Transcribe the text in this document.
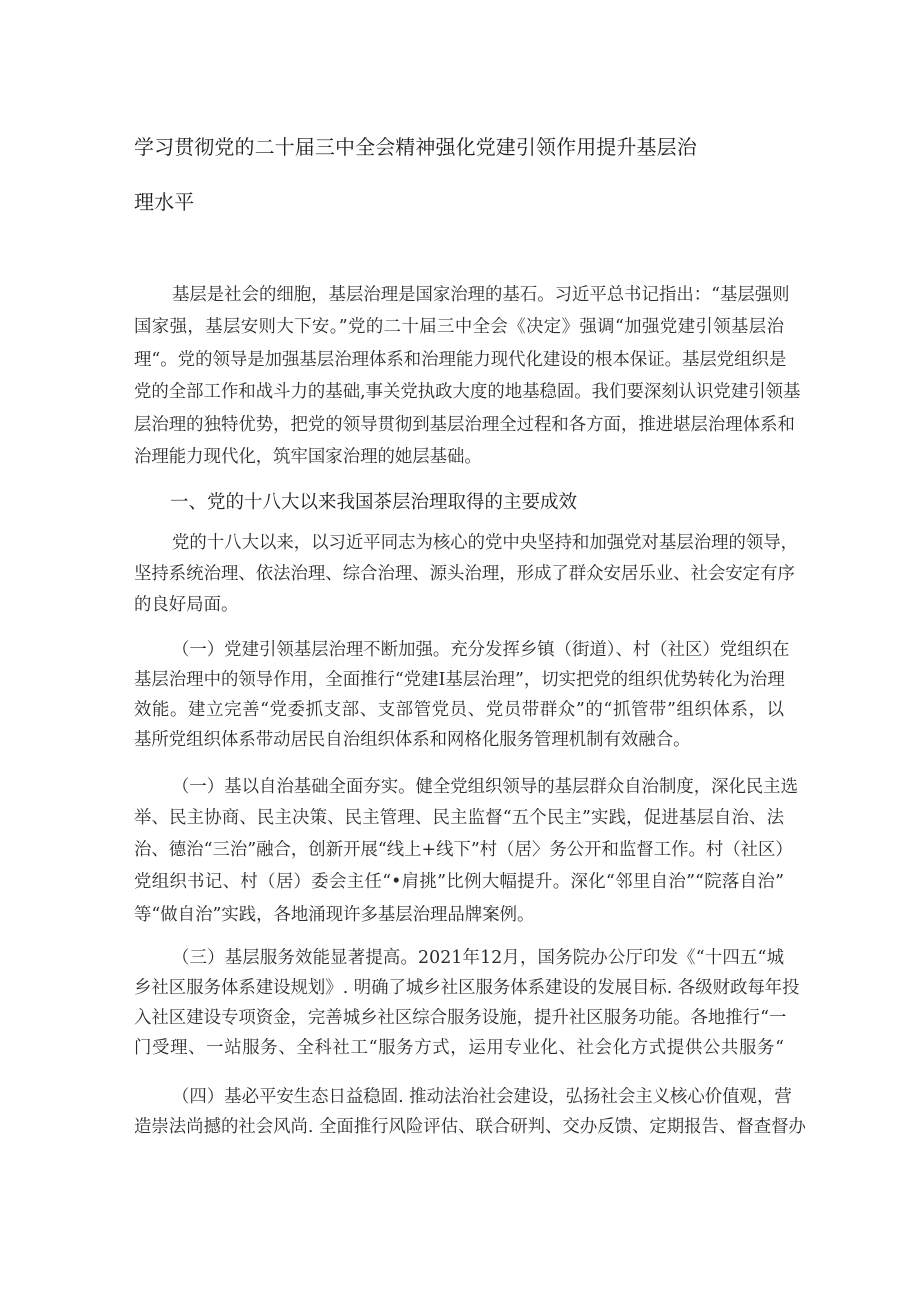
学习贯彻党的二十届三中全会精神强化党建引领作用提升基层治
理水平
基层是社会的细胞，基层治理是国家治理的基石。习近平总书记指出：“基层强则
国家强，基层安则大下安。”党的二十届三中全会《决定》强调“加强党建引领基层治
理“。党的领导是加强基层治理体系和治理能力现代化建设的根本保证。基层党组织是
党的全部工作和战斗力的基础,事关党执政大度的地基稳固。我们要深刻认识党建引领基
层治理的独特优势，把党的领导贯彻到基层治理全过程和各方面，推进堪层治理体系和
治理能力现代化，筑牢国家治理的她层基础。
一、党的十八大以来我国茶层治理取得的主要成效
党的十八大以来，以习近平同志为核心的党中央坚持和加强党对基层治理的领导，
坚持系统治理、依法治理、综合治理、源头治理，形成了群众安居乐业、社会安定有序
的良好局面。
（一）党建引领基层治理不断加强。充分发挥乡镇（街道）、村（社区）党组织在
基层治理中的领导作用，全面推行“党建I基层治理”，切实把党的组织优势转化为治理
效能。建立完善“党委抓支部、支部管党员、党员带群众”的“抓管带”组织体系，以
基所党组织体系带动居民自治组织体系和网格化服务管理机制有效融合。
（一）基以自治基础全面夯实。健全党组织领导的基层群众自治制度，深化民主选
举、民主协商、民主决策、民主管理、民主监督“五个民主”实践，促进基层自治、法
治、德治“三治”融合，创新开展“线上+线下”村（居〉务公开和监督工作。村（社区）
党组织书记、村（居）委会主任“•肩挑”比例大幅提升。深化“邻里自治”“院落自治”
等“做自治”实践，各地涌现许多基层治理品牌案例。
（三）基层服务效能显著提高。2021年12月，国务院办公厅印发《“十四五“城
乡社区服务体系建设规划》. 明确了城乡社区服务体系建设的发展目标. 各级财政每年投
入社区建设专项资金，完善城乡社区综合服务设施，提升社区服务功能。各地推行“一
门受理、一站服务、全科社工“服务方式，运用专业化、社会化方式提供公共服务“
（四）基必平安生态日益稳固. 推动法治社会建设，弘扬社会主义核心价值观，营
造崇法尚撼的社会风尚. 全面推行风险评估、联合研判、交办反馈、定期报告、督查督办
